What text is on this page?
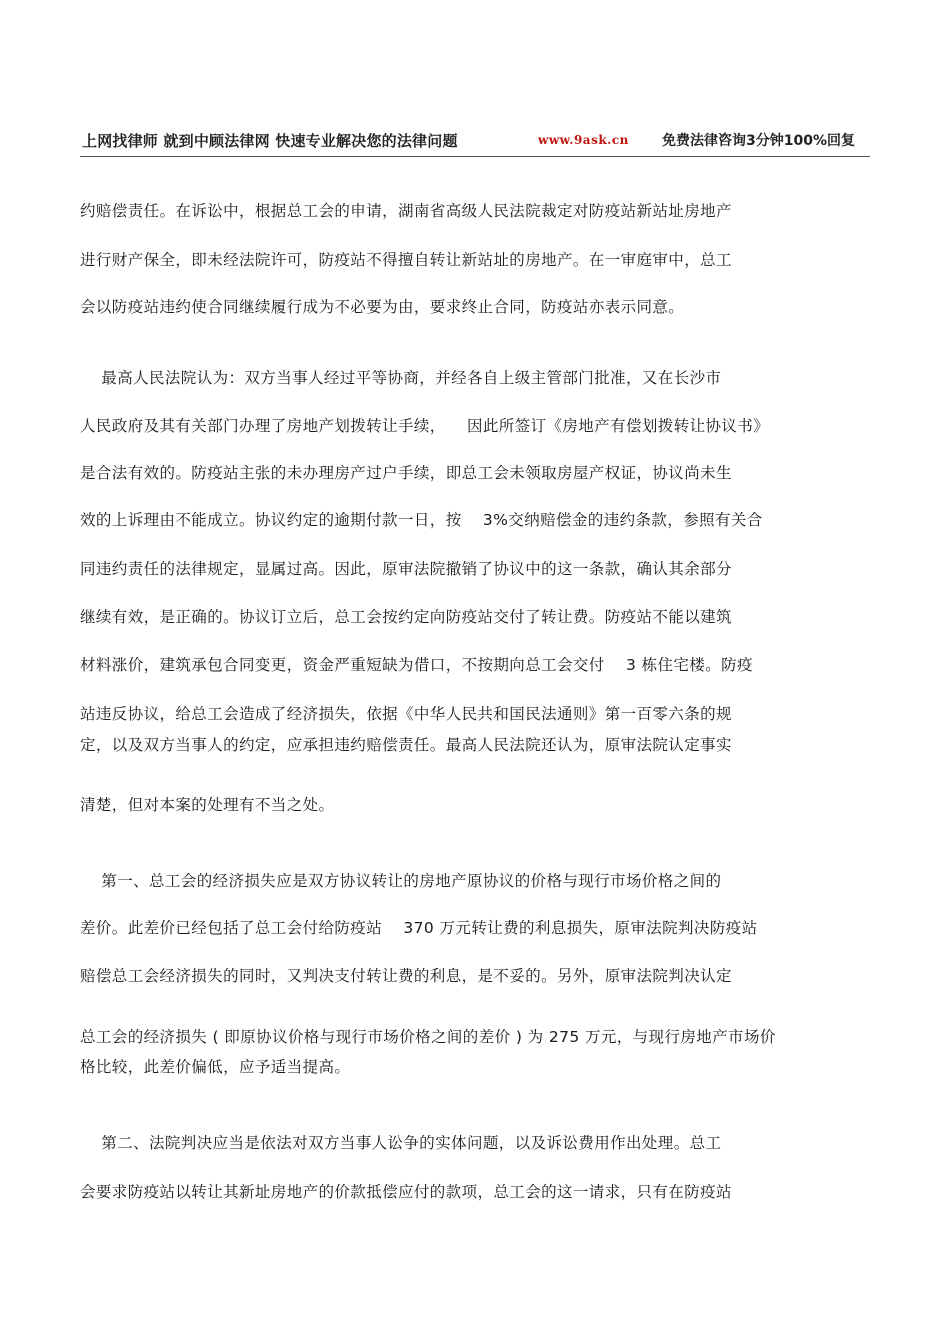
上网找律师 就到中顾法律网 快速专业解决您的法律问题	www.9ask.cn 免费法律咨询3分钟100%回复
约赔偿责任。在诉讼中，根据总工会的申请，湖南省高级人民法院裁定对防疫站新站址房地产
进行财产保全，即未经法院许可，防疫站不得擅自转让新站址的房地产。在一审庭审中，总工
会以防疫站违约使合同继续履行成为不必要为由，要求终止合同，防疫站亦表示同意。
最高人民法院认为：双方当事人经过平等协商，并经各自上级主管部门批准，又在长沙市
人民政府及其有关部门办理了房地产划拨转让手续，    因此所签订《房地产有偿划拨转让协议书》
是合法有效的。防疫站主张的未办理房产过户手续，即总工会未领取房屋产权证，协议尚未生
效的上诉理由不能成立。协议约定的逾期付款一日，按    3%交纳赔偿金的违约条款，参照有关合
同违约责任的法律规定，显属过高。因此，原审法院撤销了协议中的这一条款，确认其余部分
继续有效，是正确的。协议订立后，总工会按约定向防疫站交付了转让费。防疫站不能以建筑
材料涨价，建筑承包合同变更，资金严重短缺为借口，不按期向总工会交付    3 栋住宅楼。防疫
站违反协议，给总工会造成了经济损失，依据《中华人民共和国民法通则》第一百零六条的规
定，以及双方当事人的约定，应承担违约赔偿责任。最高人民法院还认为，原审法院认定事实
清楚，但对本案的处理有不当之处。
第一、总工会的经济损失应是双方协议转让的房地产原协议的价格与现行市场价格之间的
差价。此差价已经包括了总工会付给防疫站    370 万元转让费的利息损失，原审法院判决防疫站
赔偿总工会经济损失的同时，又判决支付转让费的利息，是不妥的。另外，原审法院判决认定
总工会的经济损失 ( 即原协议价格与现行市场价格之间的差价 ) 为 275 万元，与现行房地产市场价
格比较，此差价偏低，应予适当提高。
第二、法院判决应当是依法对双方当事人讼争的实体问题，以及诉讼费用作出处理。总工
会要求防疫站以转让其新址房地产的价款抵偿应付的款项，总工会的这一请求，只有在防疫站
